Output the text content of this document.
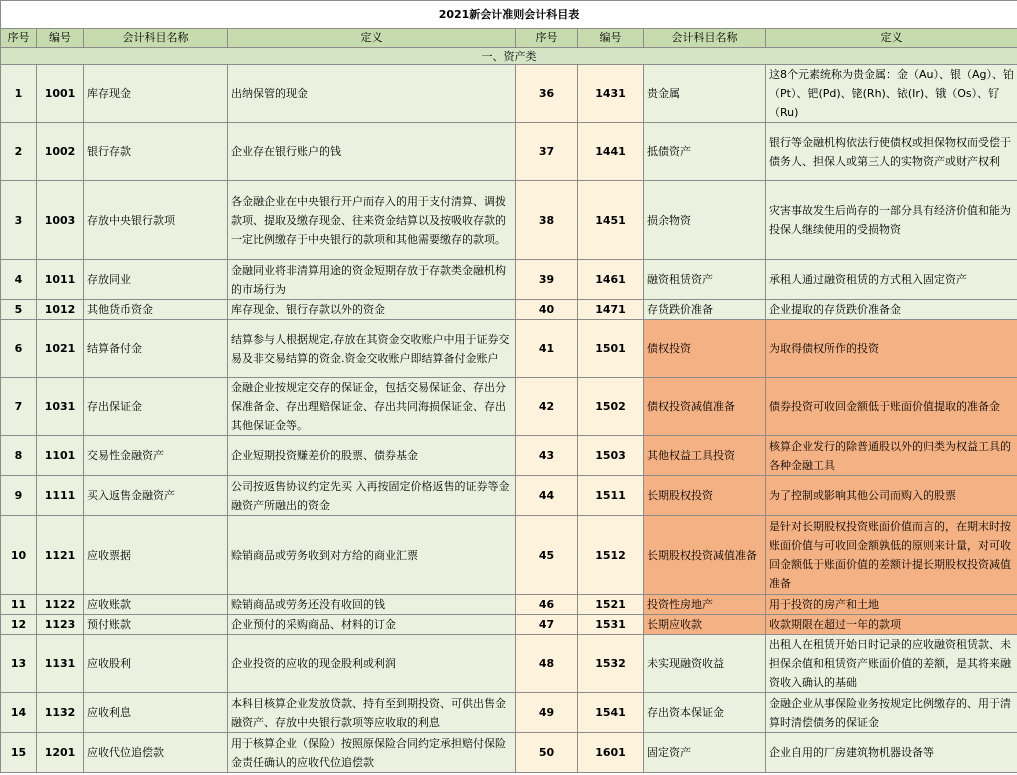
2021新会计准则会计科目表							
序号	编号	会计科目名称	定义	序号	编号	会计科目名称	定义
一、资产类							
1	1001	库存现金	出纳保管的现金	36	1431	贵金属	这8个元素统称为贵金属：金（Au）、银（Ag）、铂（Pt）、钯(Pd)、铑(Rh)、铱(Ir)、锇（Os）、钌（Ru)
2	1002	银行存款	企业存在银行账户的钱	37	1441	抵债资产	银行等金融机构依法行使债权或担保物权而受偿于债务人、担保人或第三人的实物资产或财产权利
3	1003	存放中央银行款项	各金融企业在中央银行开户而存入的用于支付清算、调拨款项、提取及缴存现金、往来资金结算以及按吸收存款的一定比例缴存于中央银行的款项和其他需要缴存的款项。	38	1451	损余物资	灾害事故发生后尚存的一部分具有经济价值和能为投保人继续使用的受损物资
4	1011	存放同业	金融同业将非清算用途的资金短期存放于存款类金融机构的市场行为	39	1461	融资租赁资产	承租人通过融资租赁的方式租入固定资产
5	1012	其他货币资金	库存现金、银行存款以外的资金	40	1471	存货跌价准备	企业提取的存货跌价准备金
6	1021	结算备付金	结算参与人根据规定,存放在其资金交收账户中用于证券交易及非交易结算的资金.资金交收账户即结算备付金账户	41	1501	债权投资	为取得债权所作的投资
7	1031	存出保证金	金融企业按规定交存的保证金，包括交易保证金、存出分保准备金、存出理赔保证金、存出共同海损保证金、存出其他保证金等。	42	1502	债权投资减值准备	债券投资可收回金额低于账面价值提取的准备金
8	1101	交易性金融资产	企业短期投资赚差价的股票、债券基金	43	1503	其他权益工具投资	核算企业发行的除普通股以外的归类为权益工具的各种金融工具
9	1111	买入返售金融资产	公司按返售协议约定先买 入再按固定价格返售的证券等金融资产所融出的资金	44	1511	长期股权投资	为了控制或影响其他公司而购入的股票
10	1121	应收票据	赊销商品或劳务收到对方给的商业汇票	45	1512	长期股权投资减值准备	是针对长期股权投资账面价值而言的，在期末时按账面价值与可收回金额孰低的原则来计量，对可收回金额低于账面价值的差额计提长期股权投资减值准备
11	1122	应收账款	赊销商品或劳务还没有收回的钱	46	1521	投资性房地产	用于投资的房产和土地
12	1123	预付账款	企业预付的采购商品、材料的订金	47	1531	长期应收款	收款期限在超过一年的款项
13	1131	应收股利	企业投资的应收的现金股利或利润	48	1532	未实现融资收益	出租人在租赁开始日时记录的应收融资租赁款、未担保余值和租赁资产账面价值的差额，是其将来融资收入确认的基础
14	1132	应收利息	本科目核算企业发放贷款、持有至到期投资、可供出售金融资产、存放中央银行款项等应收取的利息	49	1541	存出资本保证金	金融企业从事保险业务按规定比例缴存的、用于清算时清偿债务的保证金
15	1201	应收代位追偿款	用于核算企业（保险）按照原保险合同约定承担赔付保险金责任确认的应收代位追偿款	50	1601	固定资产	企业自用的厂房建筑物机器设备等
